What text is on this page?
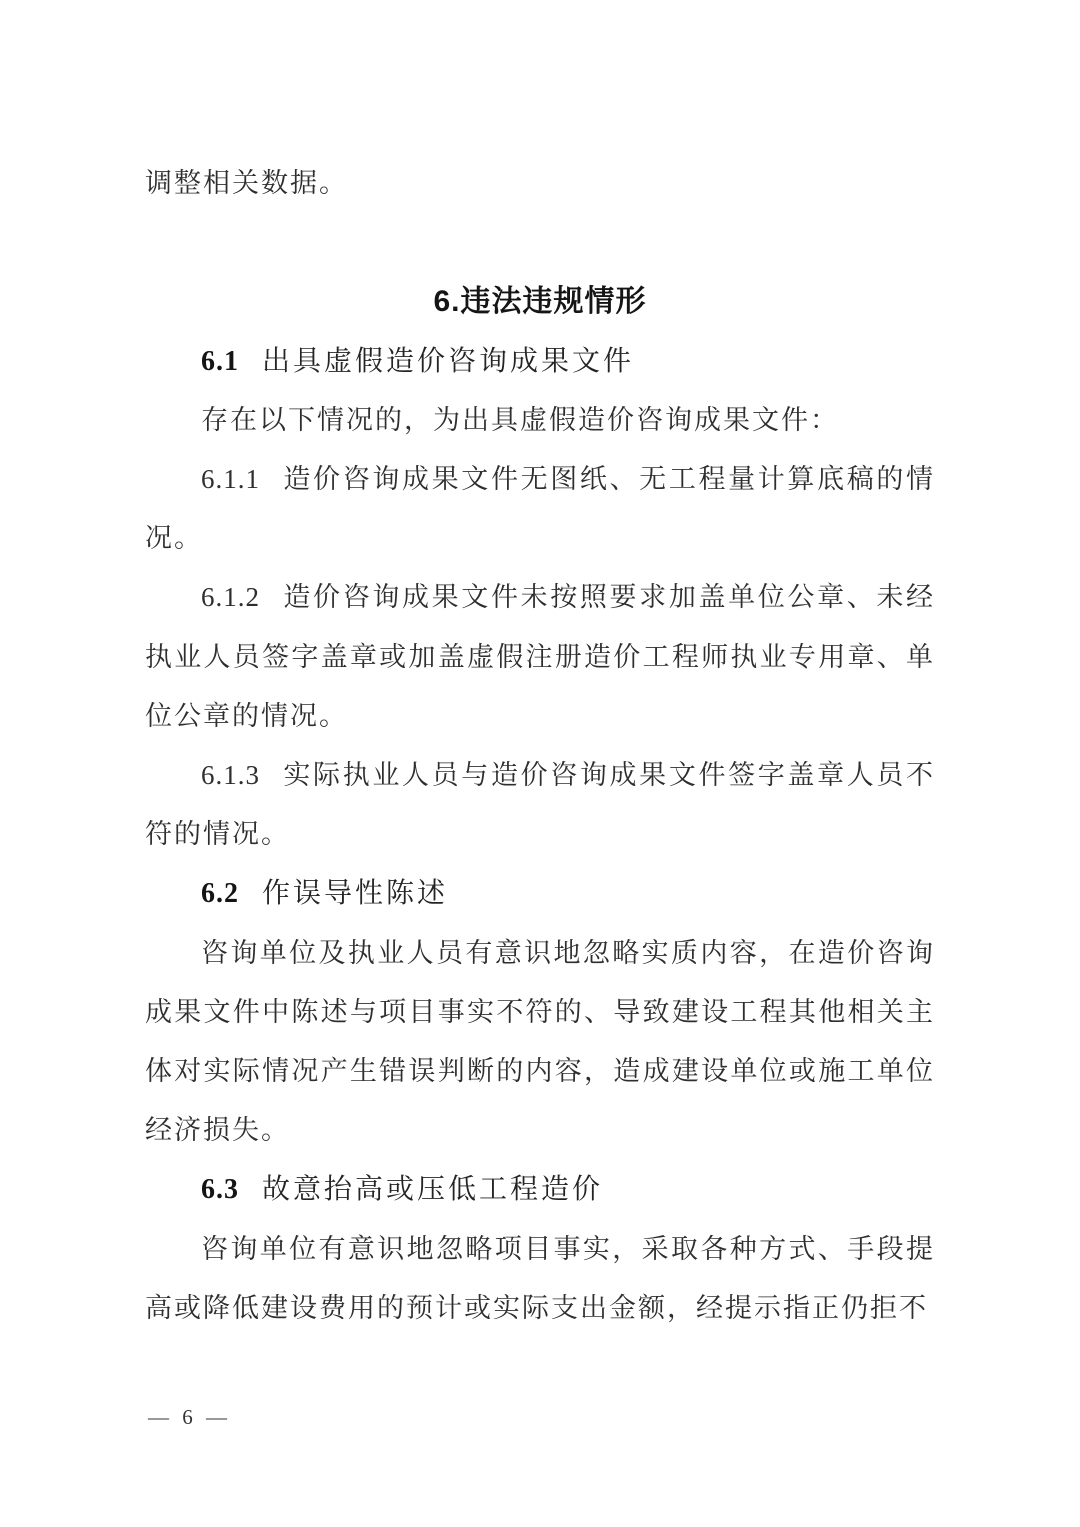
调整相关数据。

6.违法违规情形

6.1 出具虚假造价咨询成果文件

存在以下情况的，为出具虚假造价咨询成果文件：

6.1.1 造价咨询成果文件无图纸、无工程量计算底稿的情况。

6.1.2 造价咨询成果文件未按照要求加盖单位公章、未经执业人员签字盖章或加盖虚假注册造价工程师执业专用章、单位公章的情况。

6.1.3 实际执业人员与造价咨询成果文件签字盖章人员不符的情况。

6.2 作误导性陈述

咨询单位及执业人员有意识地忽略实质内容，在造价咨询成果文件中陈述与项目事实不符的、导致建设工程其他相关主体对实际情况产生错误判断的内容，造成建设单位或施工单位经济损失。

6.3 故意抬高或压低工程造价

咨询单位有意识地忽略项目事实，采取各种方式、手段提高或降低建设费用的预计或实际支出金额，经提示指正仍拒不

— 6 —
